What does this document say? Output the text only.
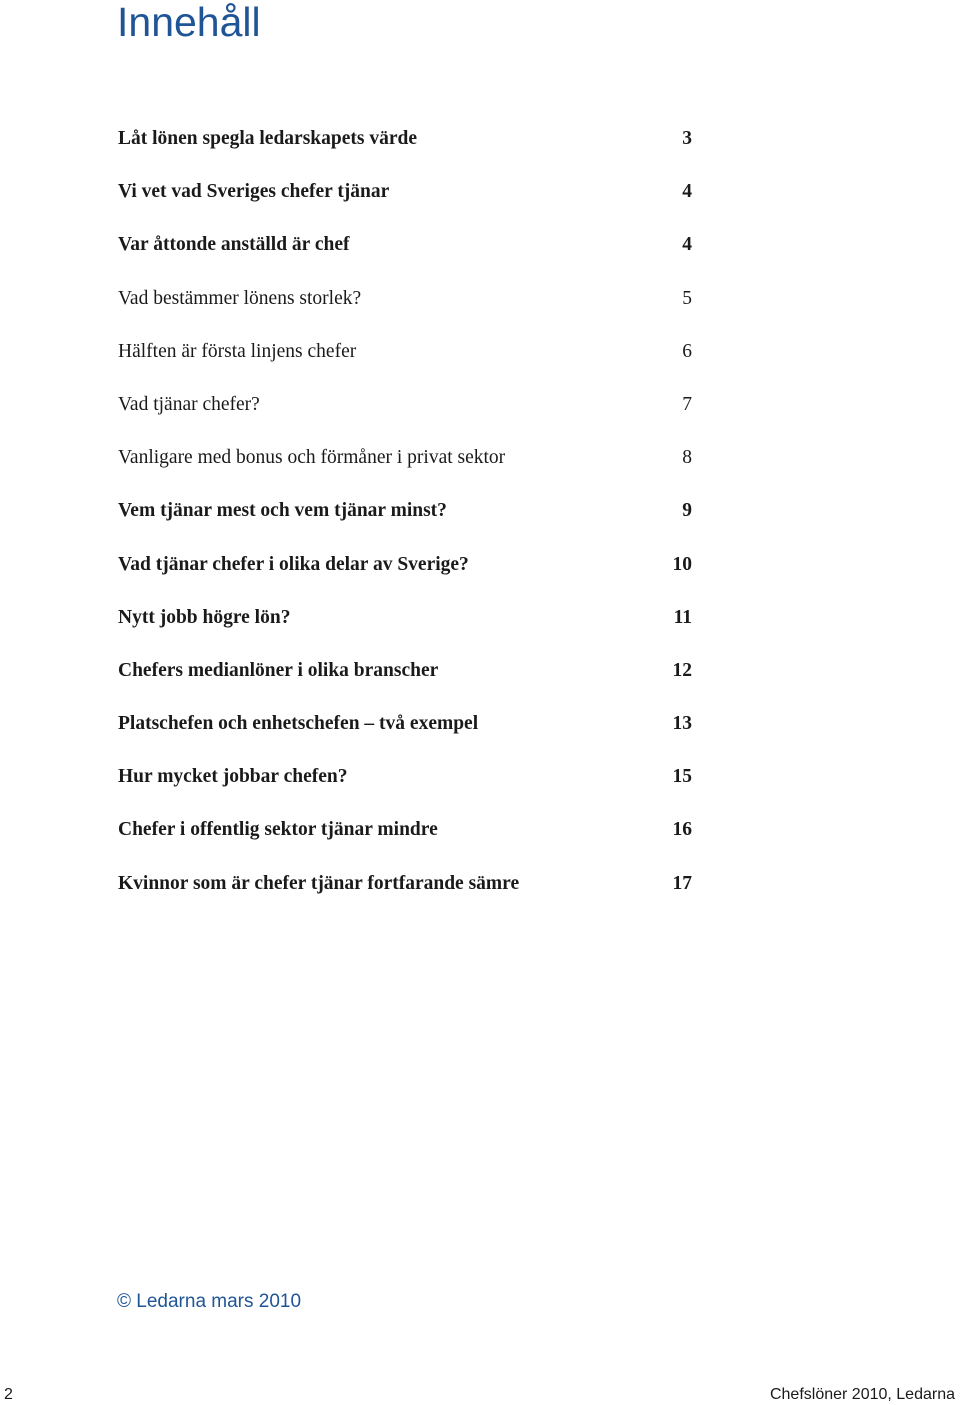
Innehåll
Låt lönen spegla ledarskapets värde	3
Vi vet vad Sveriges chefer tjänar	4
Var åttonde anställd är chef	4
Vad bestämmer lönens storlek?	5
Hälften är första linjens chefer	6
Vad tjänar chefer?	7
Vanligare med bonus och förmåner i privat sektor	8
Vem tjänar mest och vem tjänar minst?	9
Vad tjänar chefer i olika delar av Sverige?	10
Nytt jobb högre lön?	11
Chefers medianlöner i olika branscher	12
Platschefen och enhetschefen – två exempel	13
Hur mycket jobbar chefen?	15
Chefer i offentlig sektor tjänar mindre	16
Kvinnor som är chefer tjänar fortfarande sämre	17
© Ledarna mars 2010
2	Chefslöner 2010, Ledarna
